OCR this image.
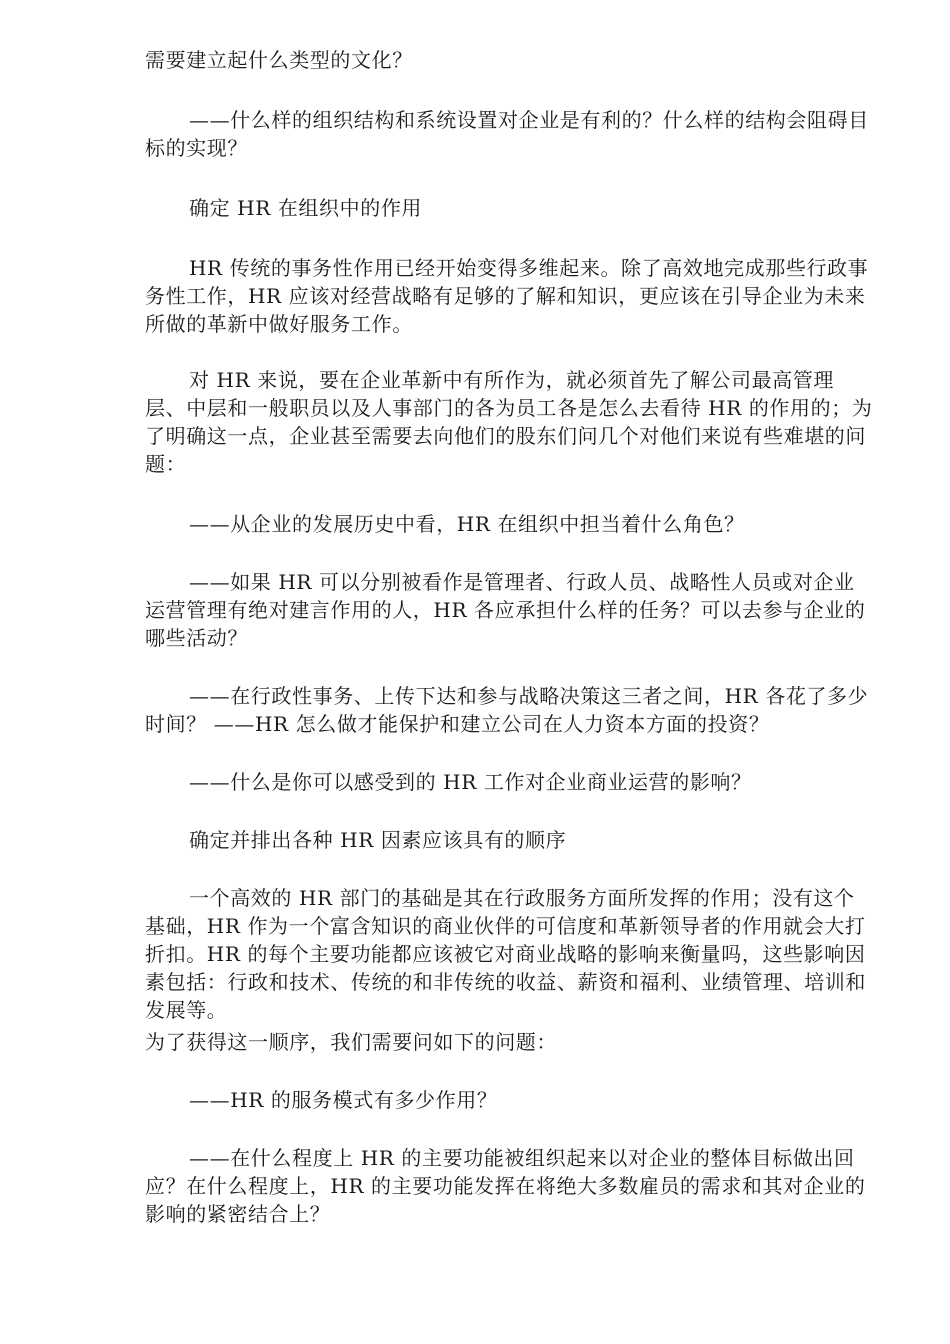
需要建立起什么类型的文化？

——什么样的组织结构和系统设置对企业是有利的？什么样的结构会阻碍目标的实现？

确定 HR 在组织中的作用

HR 传统的事务性作用已经开始变得多维起来。除了高效地完成那些行政事务性工作，HR 应该对经营战略有足够的了解和知识，更应该在引导企业为未来所做的革新中做好服务工作。

对 HR 来说，要在企业革新中有所作为，就必须首先了解公司最高管理层、中层和一般职员以及人事部门的各为员工各是怎么去看待 HR 的作用的；为了明确这一点，企业甚至需要去向他们的股东们问几个对他们来说有些难堪的问题：

——从企业的发展历史中看，HR 在组织中担当着什么角色？

——如果 HR 可以分别被看作是管理者、行政人员、战略性人员或对企业运营管理有绝对建言作用的人，HR 各应承担什么样的任务？可以去参与企业的哪些活动？

——在行政性事务、上传下达和参与战略决策这三者之间，HR 各花了多少时间？ ——HR 怎么做才能保护和建立公司在人力资本方面的投资？

——什么是你可以感受到的 HR 工作对企业商业运营的影响？

确定并排出各种 HR 因素应该具有的顺序

一个高效的 HR 部门的基础是其在行政服务方面所发挥的作用；没有这个基础，HR 作为一个富含知识的商业伙伴的可信度和革新领导者的作用就会大打折扣。HR 的每个主要功能都应该被它对商业战略的影响来衡量吗，这些影响因素包括：行政和技术、传统的和非传统的收益、薪资和福利、业绩管理、培训和发展等。

为了获得这一顺序，我们需要问如下的问题：

——HR 的服务模式有多少作用？

——在什么程度上 HR 的主要功能被组织起来以对企业的整体目标做出回应？在什么程度上，HR 的主要功能发挥在将绝大多数雇员的需求和其对企业的影响的紧密结合上？
